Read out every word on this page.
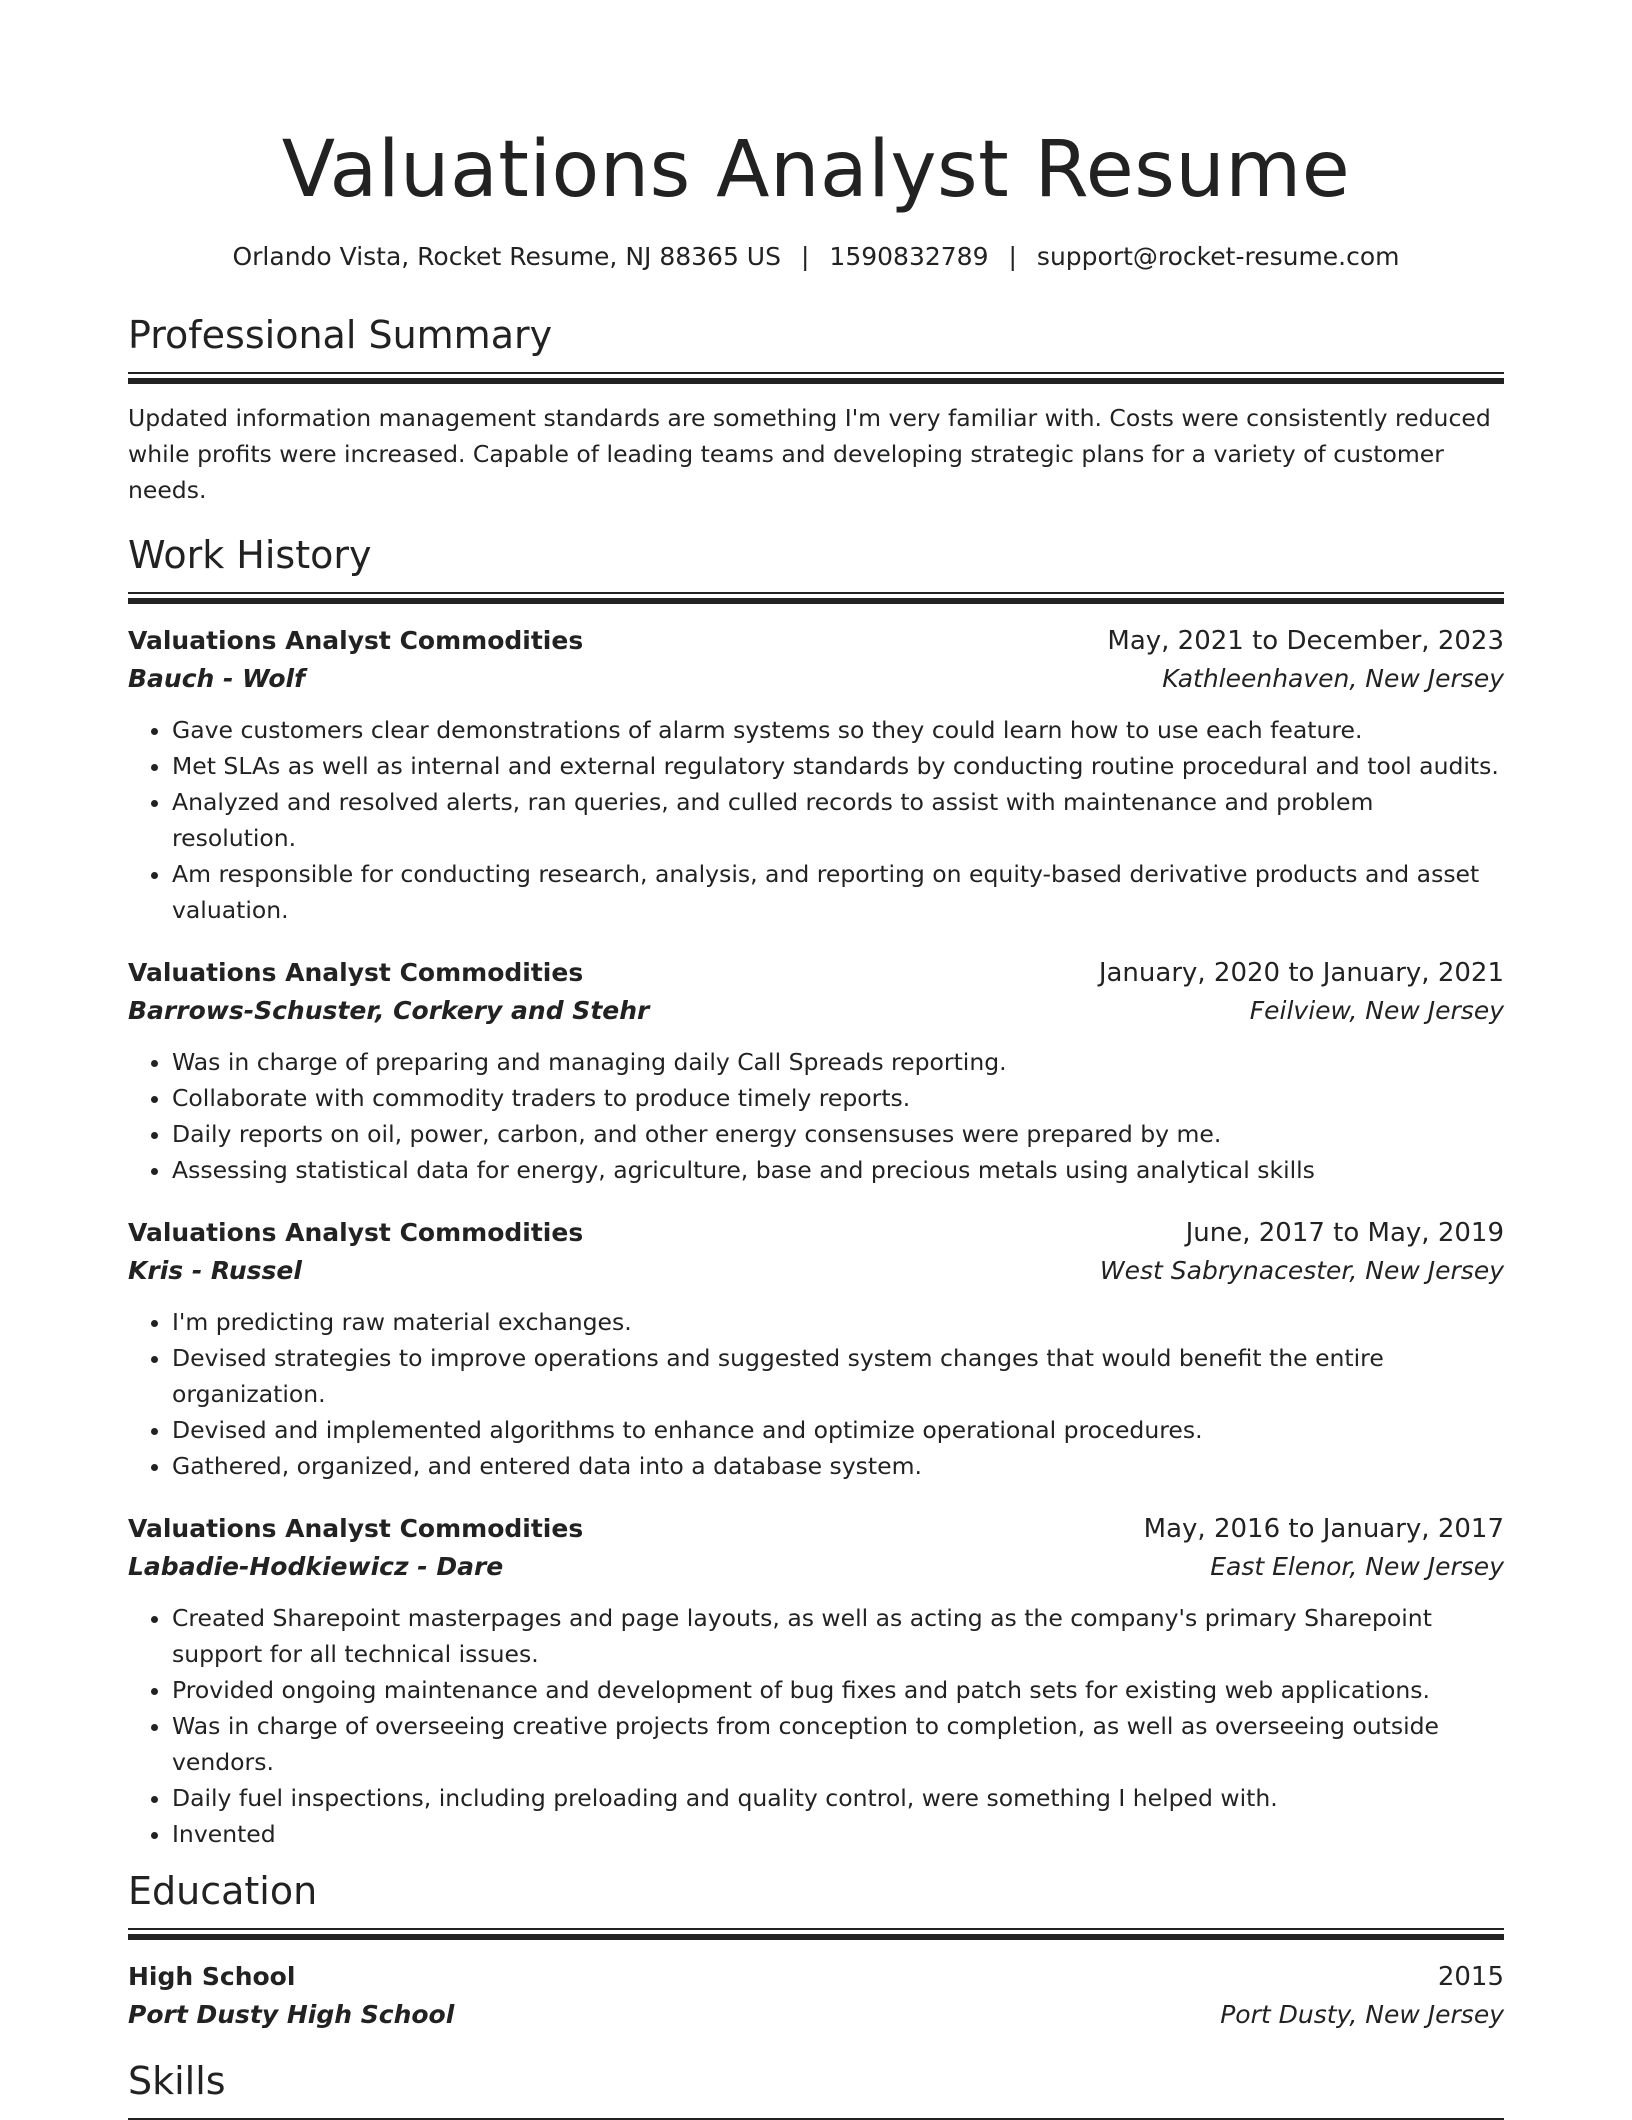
Valuations Analyst Resume
Orlando Vista, Rocket Resume, NJ 88365 US | 1590832789 | support@rocket-resume.com
Professional Summary
Updated information management standards are something I'm very familiar with. Costs were consistently reduced while profits were increased. Capable of leading teams and developing strategic plans for a variety of customer needs.
Work History
Valuations Analyst Commodities	May, 2021 to December, 2023
Bauch - Wolf	Kathleenhaven, New Jersey
• Gave customers clear demonstrations of alarm systems so they could learn how to use each feature.
• Met SLAs as well as internal and external regulatory standards by conducting routine procedural and tool audits.
• Analyzed and resolved alerts, ran queries, and culled records to assist with maintenance and problem resolution.
• Am responsible for conducting research, analysis, and reporting on equity-based derivative products and asset valuation.
Valuations Analyst Commodities	January, 2020 to January, 2021
Barrows-Schuster, Corkery and Stehr	Feilview, New Jersey
• Was in charge of preparing and managing daily Call Spreads reporting.
• Collaborate with commodity traders to produce timely reports.
• Daily reports on oil, power, carbon, and other energy consensuses were prepared by me.
• Assessing statistical data for energy, agriculture, base and precious metals using analytical skills
Valuations Analyst Commodities	June, 2017 to May, 2019
Kris - Russel	West Sabrynacester, New Jersey
• I'm predicting raw material exchanges.
• Devised strategies to improve operations and suggested system changes that would benefit the entire organization.
• Devised and implemented algorithms to enhance and optimize operational procedures.
• Gathered, organized, and entered data into a database system.
Valuations Analyst Commodities	May, 2016 to January, 2017
Labadie-Hodkiewicz - Dare	East Elenor, New Jersey
• Created Sharepoint masterpages and page layouts, as well as acting as the company's primary Sharepoint support for all technical issues.
• Provided ongoing maintenance and development of bug fixes and patch sets for existing web applications.
• Was in charge of overseeing creative projects from conception to completion, as well as overseeing outside vendors.
• Daily fuel inspections, including preloading and quality control, were something I helped with.
• Invented
Education
High School	2015
Port Dusty High School	Port Dusty, New Jersey
Skills
